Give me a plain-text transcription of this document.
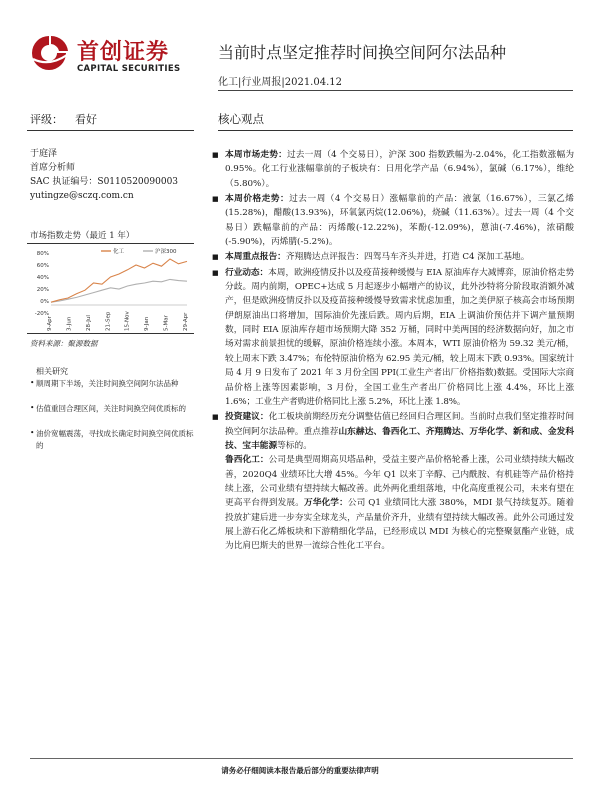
首创证券
CAPITAL SECURITIES
当前时点坚定推荐时间换空间阿尔法品种
化工|行业周报|2021.04.12
评级： 看好	核心观点
于庭泽
首席分析师
SAC 执证编号：S0110520090003
yutingze@sczq.com.cn
市场指数走势（最近 1 年）
80%
60%
40%
20%
0%
-20%
9-Apr 3-Jun 28-Jul 21-Sep 15-Nov 9-Jan 5-Mar 29-Apr
化工	沪深300
资料来源：聚源数据
相关研究
• 顺周期下半场，关注时间换空间阿尔法品种
• 估值重回合理区间，关注时间换空间优质标的
• 油价宽幅震荡，寻找成长确定时间换空间优质标的

■ 本周市场走势：过去一周（4 个交易日），沪深 300 指数跌幅为-2.04%，化工指数涨幅为 0.95%。化工行业涨幅靠前的子板块有：日用化学产品（6.94%），氯碱（6.17%），维纶（5.80%）。

■ 本周价格走势：过去一周（4 个交易日）涨幅靠前的产品：液氯（16.67%），三氯乙烯(15.28%)，醋酸(13.93%)，环氧氯丙烷(12.06%)，烧碱（11.63%）。过去一周（4 个交易日）跌幅靠前的产品：丙烯酸(-12.22%)，苯酚(-12.09%)，蒽油(-7.46%)，浓硝酸(-5.90%)，丙烯腈(-5.2%)。

■ 本周重点报告：齐翔腾达点评报告：四驾马车齐头并进，打造 C4 深加工基地。

■ 行业动态：本周，欧洲疫情反扑以及疫苗接种缓慢与 EIA 原油库存大减博弈，原油价格走势分歧。周内前期，OPEC+达成 5 月起逐步小幅增产的协议，此外沙特将分阶段取消额外减产，但是欧洲疫情反扑以及疫苗接种缓慢导致需求忧虑加重，加之美伊原子核高会市场预期伊朗原油出口将增加，国际油价先涨后跌。周内后期，EIA 上调油价预估并下调产量预期数，同时 EIA 原油库存超市场预期大降 352 万桶，同时中美两国的经济数据向好，加之市场对需求前景担忧的缓解，原油价格连续小涨。本周本，WTI 原油价格为 59.32 美元/桶，较上周末下跌 3.47%；布伦特原油价格为 62.95 美元/桶，较上周末下跌 0.93%。国家统计局 4 月 9 日发布了 2021 年 3 月份全国 PPI(工业生产者出厂价格指数)数据。受国际大宗商品价格上涨等因素影响，3 月份，全国工业生产者出厂价格同比上涨 4.4%，环比上涨 1.6%；工业生产者购进价格同比上涨 5.2%，环比上涨 1.8%。

■ 投资建议：化工板块前期经历充分调整估值已经回归合理区间。当前时点我们坚定推荐时间换空间阿尔法品种。重点推荐山东赫达、鲁西化工、齐翔腾达、万华化学、新和成、金发科技、宝丰能源等标的。

鲁西化工：公司是典型周期高贝塔品种，受益主要产品价格轮番上涨，公司业绩持续大幅改善，2020Q4 业绩环比大增 45%。今年 Q1 以来丁辛醇、己内酰胺、有机硅等产品价格持续上涨，公司业绩有望持续大幅改善。此外两化重组落地，中化高度重视公司，未来有望在更高平台得到发展。万华化学：公司 Q1 业绩同比大涨 380%，MDI 景气持续复苏。随着投放扩建后进一步夯实全球龙头，产品量价齐升，业绩有望持续大幅改善。此外公司通过发展上游石化乙烯板块和下游精细化学品，已经形成以 MDI 为核心的完整聚氨酯产业链，成为比肩巴斯夫的世界一流综合性化工平台。

请务必仔细阅读本报告最后部分的重要法律声明
